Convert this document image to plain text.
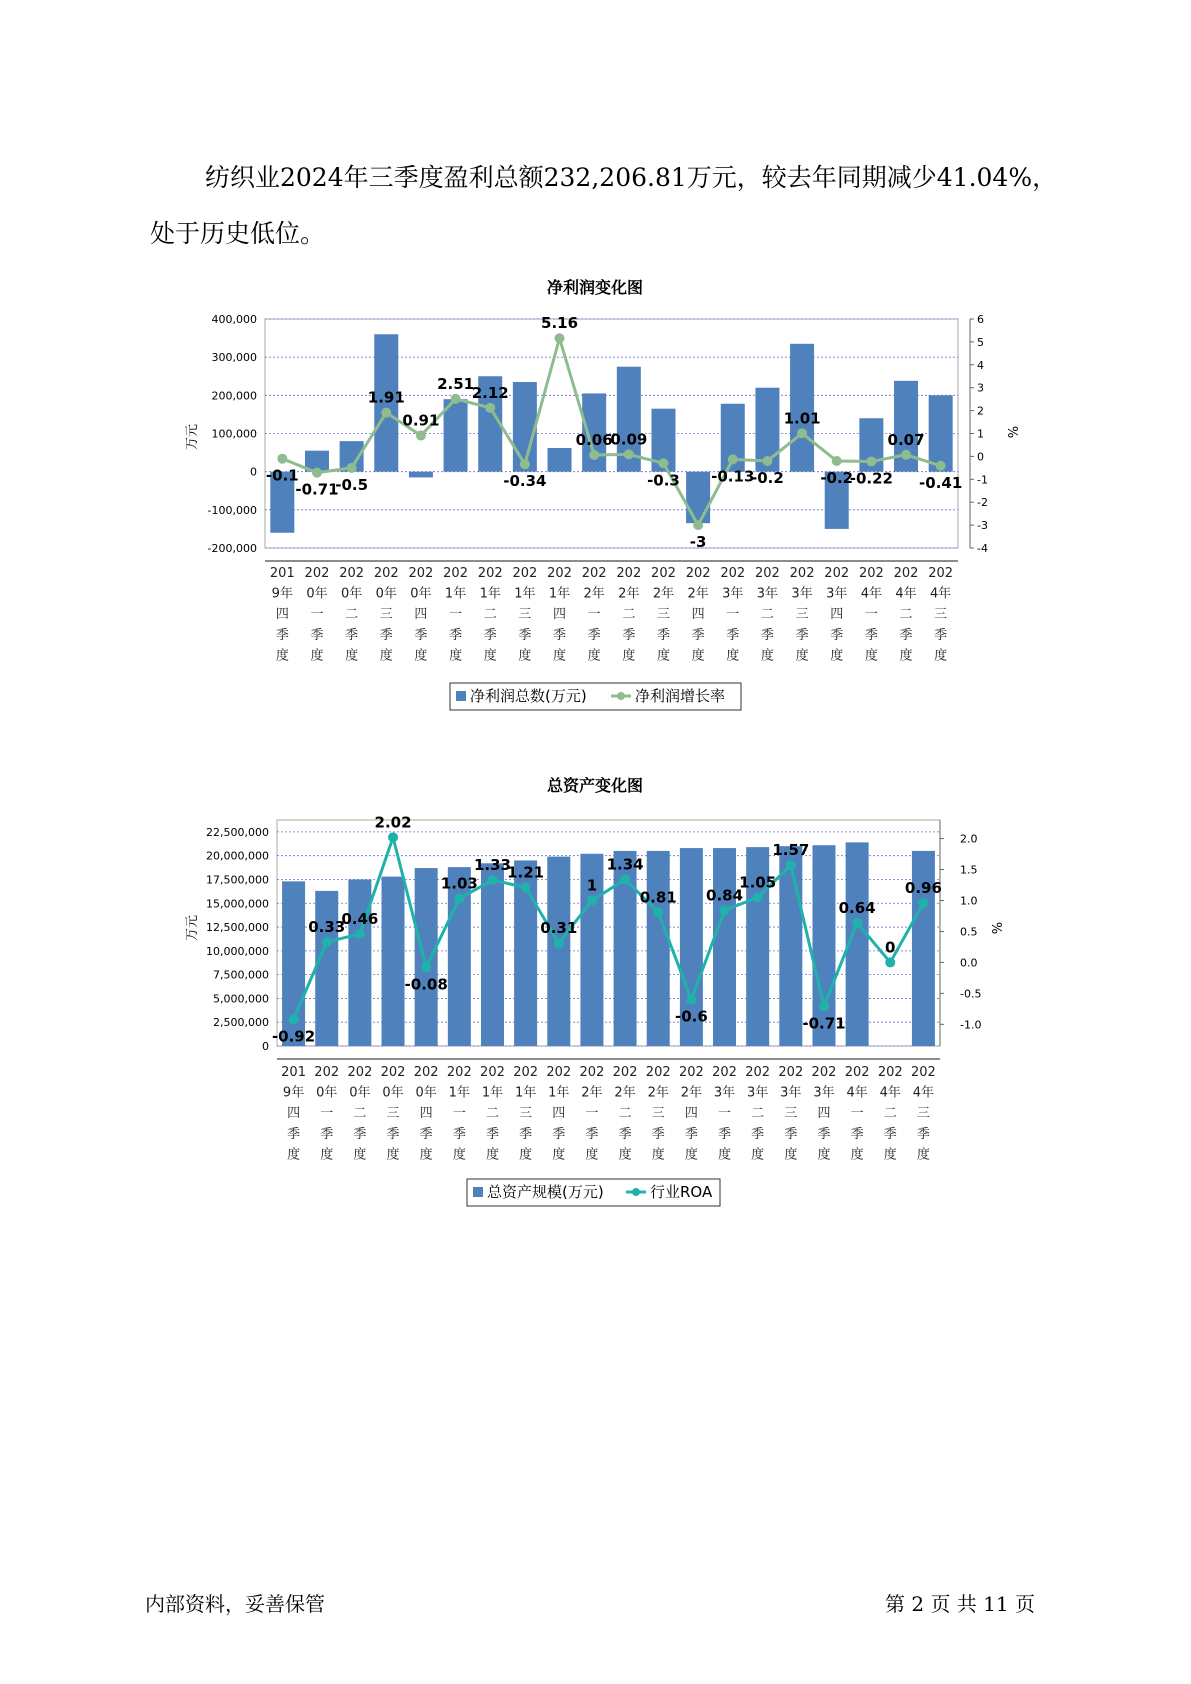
纺织业2024年三季度盈利总额232,206.81万元，较去年同期减少41.04%，处于历史低位。

净利润变化图
万元	%
净利润总数(万元)	净利润增长率
-200,000
-100,000
0
100,000
200,000
300,000
400,000
-4
-3
-2
-1
0
1
2
3
4
5
6
201
9年
四
季
度
202
0年
一
季
度
202
0年
二
季
度
202
0年
三
季
度
202
0年
四
季
度
202
1年
一
季
度
202
1年
二
季
度
202
1年
三
季
度
202
1年
四
季
度
202
2年
一
季
度
202
2年
二
季
度
202
2年
三
季
度
202
2年
四
季
度
202
3年
一
季
度
202
3年
二
季
度
202
3年
三
季
度
202
3年
四
季
度
202
4年
一
季
度
202
4年
二
季
度
202
4年
三
季
度
-0.1
-0.71
-0.5
1.91
0.91
2.51
2.12
-0.34
5.16
0.06
0.09
-0.3
-3
-0.13
-0.2
1.01
-0.2
-0.22
0.07
-0.41
总资产变化图
万元	%
总资产规模(万元)	行业ROA
0
2,500,000
5,000,000
7,500,000
10,000,000
12,500,000
15,000,000
17,500,000
20,000,000
22,500,000
-1.0
-0.5
0.0
0.5
1.0
1.5
2.0
201
9年
四
季
度
202
0年
一
季
度
202
0年
二
季
度
202
0年
三
季
度
202
0年
四
季
度
202
1年
一
季
度
202
1年
二
季
度
202
1年
三
季
度
202
1年
四
季
度
202
2年
一
季
度
202
2年
二
季
度
202
2年
三
季
度
202
2年
四
季
度
202
3年
一
季
度
202
3年
二
季
度
202
3年
三
季
度
202
3年
四
季
度
202
4年
一
季
度
202
4年
二
季
度
202
4年
三
季
度
-0.92
0.33
0.46
2.02
-0.08
1.03
1.33
1.21
0.31
1
1.34
0.81
-0.6
0.84
1.05
1.57
-0.71
0.64
0
0.96
内部资料，妥善保管	第 2 页 共 11 页
